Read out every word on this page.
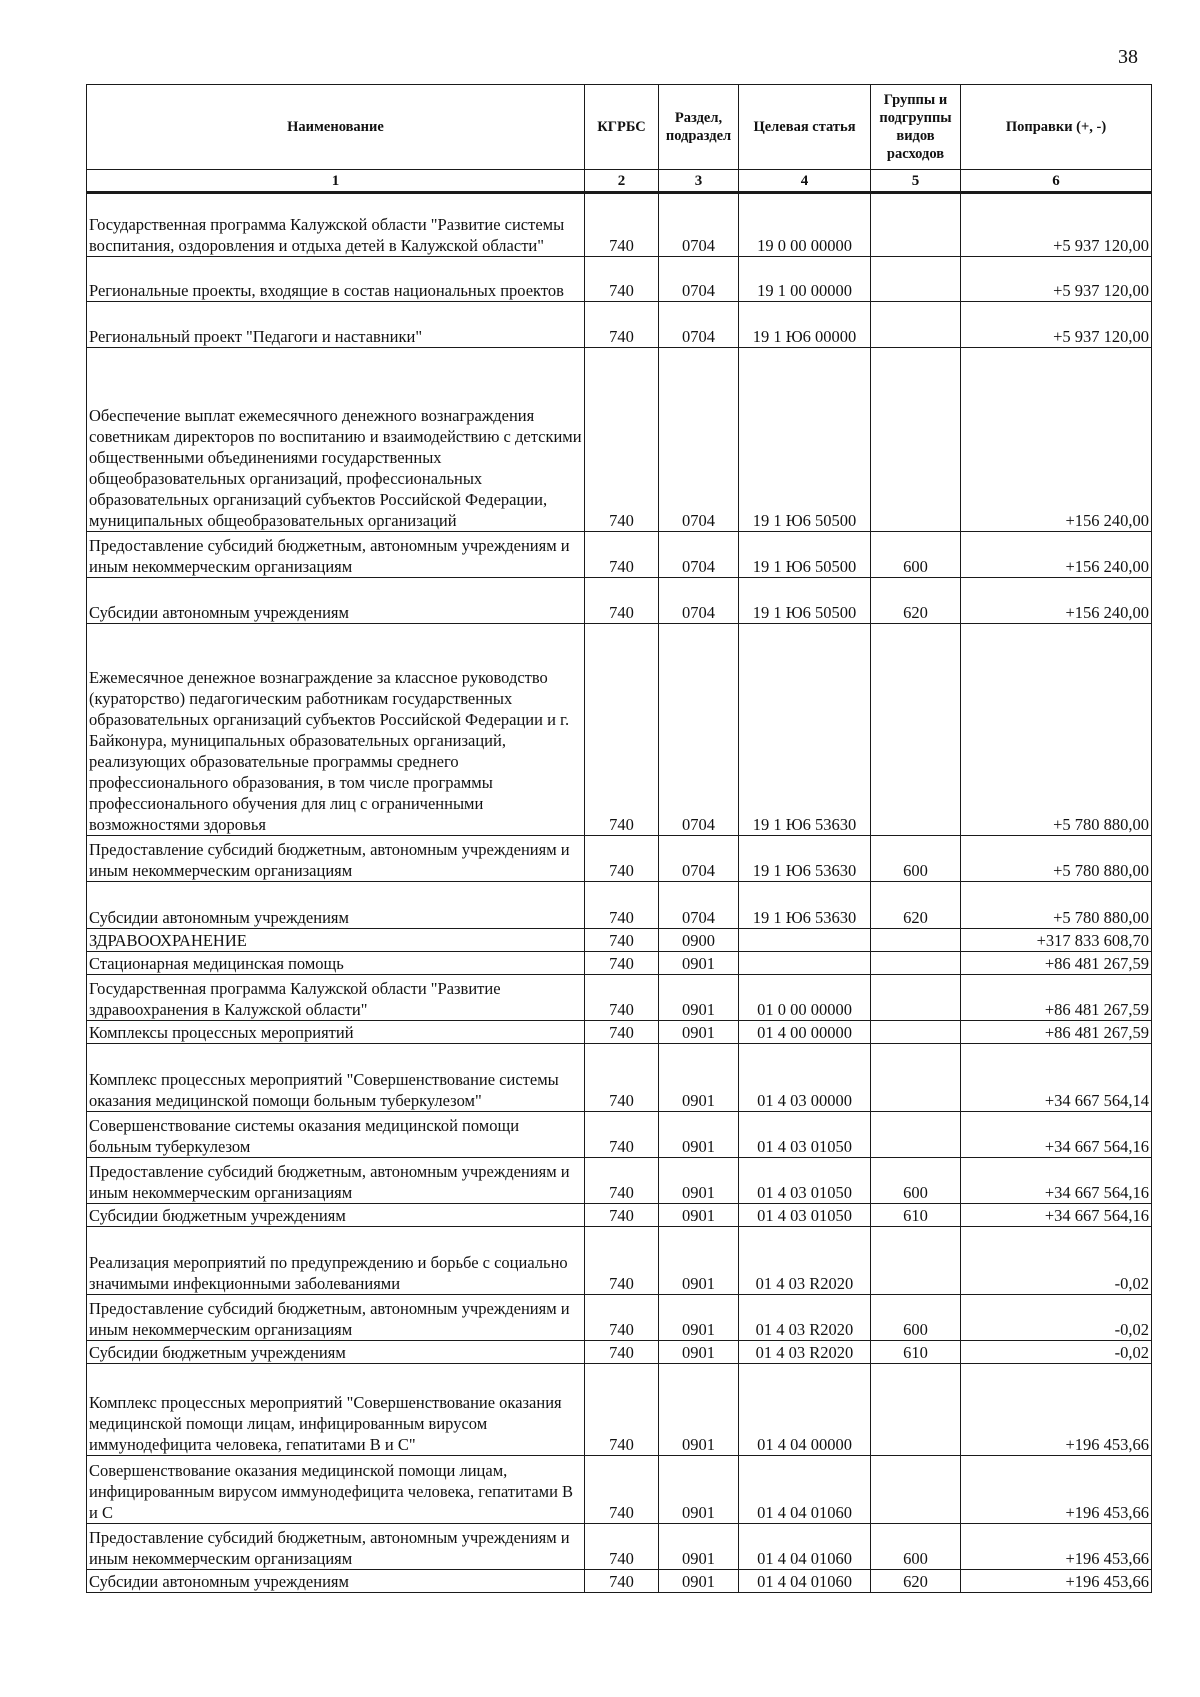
38
Наименование	КГРБС	Раздел, подраздел	Целевая статья	Группы и подгруппы видов расходов	Поправки (+, -)
1	2	3	4	5	6
Государственная программа Калужской области "Развитие системы воспитания, оздоровления и отдыха детей в Калужской области"	740	0704	19 0 00 00000		+5 937 120,00
Региональные проекты, входящие в состав национальных проектов	740	0704	19 1 00 00000		+5 937 120,00
Региональный проект "Педагоги и наставники"	740	0704	19 1 Ю6 00000		+5 937 120,00
Обеспечение выплат ежемесячного денежного вознаграждения советникам директоров по воспитанию и взаимодействию с детскими общественными объединениями государственных общеобразовательных организаций, профессиональных образовательных организаций субъектов Российской Федерации, муниципальных общеобразовательных организаций	740	0704	19 1 Ю6 50500		+156 240,00
Предоставление субсидий бюджетным, автономным учреждениям и иным некоммерческим организациям	740	0704	19 1 Ю6 50500	600	+156 240,00
Субсидии автономным учреждениям	740	0704	19 1 Ю6 50500	620	+156 240,00
Ежемесячное денежное вознаграждение за классное руководство (кураторство) педагогическим работникам государственных образовательных организаций субъектов Российской Федерации и г. Байконура, муниципальных образовательных организаций, реализующих образовательные программы среднего профессионального образования, в том числе программы профессионального обучения для лиц с ограниченными возможностями здоровья	740	0704	19 1 Ю6 53630		+5 780 880,00
Предоставление субсидий бюджетным, автономным учреждениям и иным некоммерческим организациям	740	0704	19 1 Ю6 53630	600	+5 780 880,00
Субсидии автономным учреждениям	740	0704	19 1 Ю6 53630	620	+5 780 880,00
ЗДРАВООХРАНЕНИЕ	740	0900			+317 833 608,70
Стационарная медицинская помощь	740	0901			+86 481 267,59
Государственная программа Калужской области "Развитие здравоохранения в Калужской области"	740	0901	01 0 00 00000		+86 481 267,59
Комплексы процессных мероприятий	740	0901	01 4 00 00000		+86 481 267,59
Комплекс процессных мероприятий "Совершенствование системы оказания медицинской помощи больным туберкулезом"	740	0901	01 4 03 00000		+34 667 564,14
Совершенствование системы оказания медицинской помощи больным туберкулезом	740	0901	01 4 03 01050		+34 667 564,16
Предоставление субсидий бюджетным, автономным учреждениям и иным некоммерческим организациям	740	0901	01 4 03 01050	600	+34 667 564,16
Субсидии бюджетным учреждениям	740	0901	01 4 03 01050	610	+34 667 564,16
Реализация мероприятий по предупреждению и борьбе с социально значимыми инфекционными заболеваниями	740	0901	01 4 03 R2020		-0,02
Предоставление субсидий бюджетным, автономным учреждениям и иным некоммерческим организациям	740	0901	01 4 03 R2020	600	-0,02
Субсидии бюджетным учреждениям	740	0901	01 4 03 R2020	610	-0,02
Комплекс процессных мероприятий "Совершенствование оказания медицинской помощи лицам, инфицированным вирусом иммунодефицита человека, гепатитами В и С"	740	0901	01 4 04 00000		+196 453,66
Совершенствование оказания медицинской помощи лицам, инфицированным вирусом иммунодефицита человека, гепатитами В и С	740	0901	01 4 04 01060		+196 453,66
Предоставление субсидий бюджетным, автономным учреждениям и иным некоммерческим организациям	740	0901	01 4 04 01060	600	+196 453,66
Субсидии автономным учреждениям	740	0901	01 4 04 01060	620	+196 453,66
